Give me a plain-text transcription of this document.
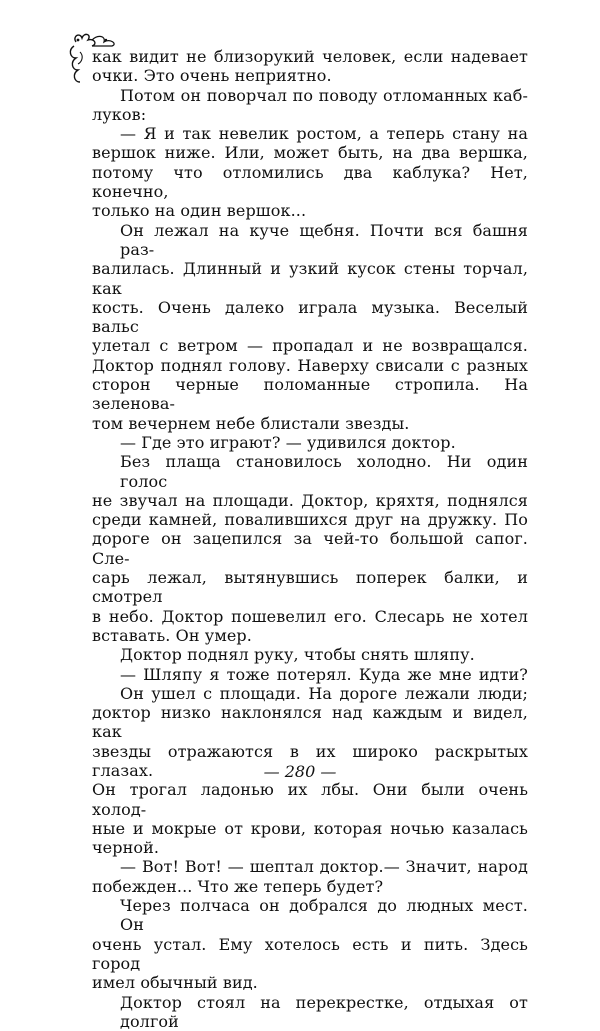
как видит не близорукий человек, если надевает
очки. Это очень неприятно.
Потом он поворчал по поводу отломанных каб-
луков:
— Я и так невелик ростом, а теперь стану на
вершок ниже. Или, может быть, на два вершка,
потому что отломились два каблука? Нет, конечно,
только на один вершок...
Он лежал на куче щебня. Почти вся башня раз-
валилась. Длинный и узкий кусок стены торчал, как
кость. Очень далеко играла музыка. Веселый вальс
улетал с ветром — пропадал и не возвращался.
Доктор поднял голову. Наверху свисали с разных
сторон черные поломанные стропила. На зеленова-
том вечернем небе блистали звезды.
— Где это играют? — удивился доктор.
Без плаща становилось холодно. Ни один голос
не звучал на площади. Доктор, кряхтя, поднялся
среди камней, повалившихся друг на дружку. По
дороге он зацепился за чей-то большой сапог. Сле-
сарь лежал, вытянувшись поперек балки, и смотрел
в небо. Доктор пошевелил его. Слесарь не хотел
вставать. Он умер.
Доктор поднял руку, чтобы снять шляпу.
— Шляпу я тоже потерял. Куда же мне идти?
Он ушел с площади. На дороге лежали люди;
доктор низко наклонялся над каждым и видел, как
звезды отражаются в их широко раскрытых глазах.
Он трогал ладонью их лбы. Они были очень холод-
ные и мокрые от крови, которая ночью казалась
черной.
— Вот! Вот! — шептал доктор.— Значит, народ
побежден... Что же теперь будет?
Через полчаса он добрался до людных мест. Он
очень устал. Ему хотелось есть и пить. Здесь город
имел обычный вид.
Доктор стоял на перекрестке, отдыхая от долгой
— 280 —
